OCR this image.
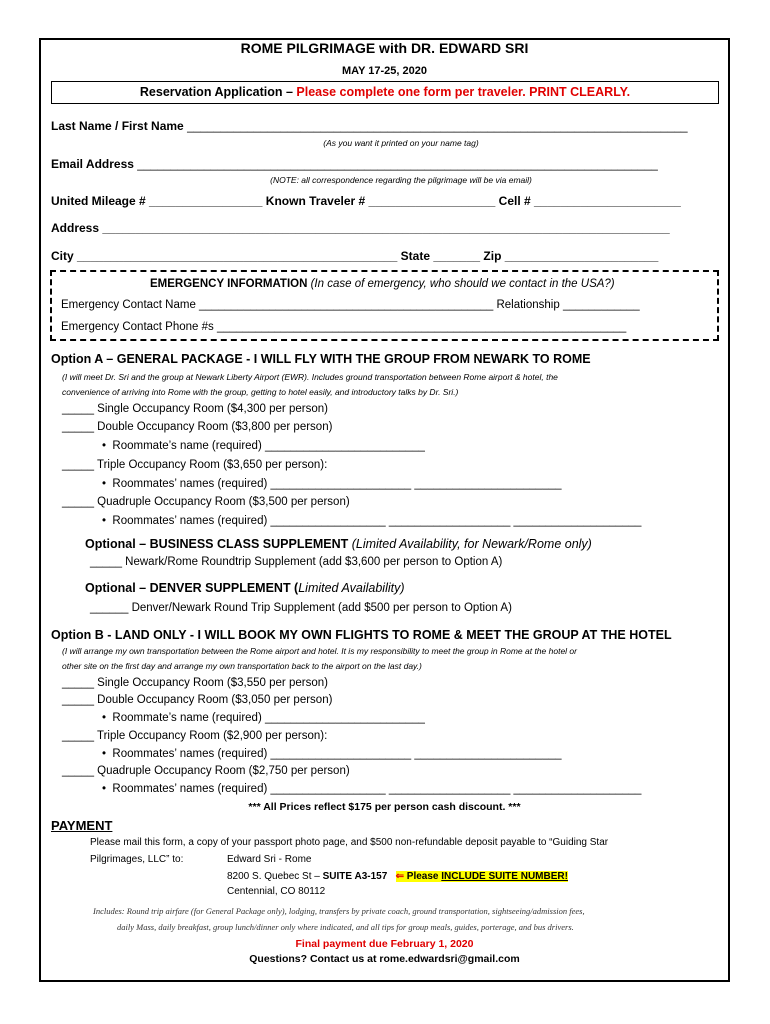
ROME PILGRIMAGE with DR. EDWARD SRI
MAY 17-25, 2020
Reservation Application – Please complete one form per traveler. PRINT CLEARLY.
Last Name / First Name ___________________________________________________________________________
(As you want it printed on your name tag)
Email Address ______________________________________________________________________________
(NOTE: all correspondence regarding the pilgrimage will be via email)
United Mileage # _________________ Known Traveler # ___________________ Cell # ______________________
Address _____________________________________________________________________________________
City ________________________________________________ State _______ Zip _______________________
EMERGENCY INFORMATION (In case of emergency, who should we contact in the USA?)
Emergency Contact Name ______________________________________________ Relationship ____________
Emergency Contact Phone #s ________________________________________________________________
Option A – GENERAL PACKAGE - I WILL FLY WITH THE GROUP FROM NEWARK TO ROME
(I will meet Dr. Sri and the group at Newark Liberty Airport (EWR). Includes ground transportation between Rome airport & hotel, the
convenience of arriving into Rome with the group, getting to hotel easily, and introductory talks by Dr. Sri.)
_____ Single Occupancy Room ($4,300 per person)
_____ Double Occupancy Room ($3,800 per person)
• Roommate’s name (required) _________________________
_____ Triple Occupancy Room ($3,650 per person):
• Roommates’ names (required) ______________________ _______________________
_____ Quadruple Occupancy Room ($3,500 per person)
• Roommates’ names (required) __________________ ___________________ ____________________
Optional – BUSINESS CLASS SUPPLEMENT (Limited Availability, for Newark/Rome only)
_____ Newark/Rome Roundtrip Supplement (add $3,600 per person to Option A)
Optional – DENVER SUPPLEMENT (Limited Availability)
______ Denver/Newark Round Trip Supplement (add $500 per person to Option A)
Option B - LAND ONLY - I WILL BOOK MY OWN FLIGHTS TO ROME & MEET THE GROUP AT THE HOTEL
(I will arrange my own transportation between the Rome airport and hotel. It is my responsibility to meet the group in Rome at the hotel or
other site on the first day and arrange my own transportation back to the airport on the last day.)
_____ Single Occupancy Room ($3,550 per person)
_____ Double Occupancy Room ($3,050 per person)
• Roommate’s name (required) _________________________
_____ Triple Occupancy Room ($2,900 per person):
• Roommates’ names (required) ______________________ _______________________
_____ Quadruple Occupancy Room ($2,750 per person)
• Roommates’ names (required) __________________ ___________________ ____________________
*** All Prices reflect $175 per person cash discount. ***
PAYMENT
Please mail this form, a copy of your passport photo page, and $500 non-refundable deposit payable to “Guiding Star
Pilgrimages, LLC” to:	Edward Sri - Rome
8200 S. Quebec St – SUITE A3-157 ⇐ Please INCLUDE SUITE NUMBER!
Centennial, CO 80112
Includes: Round trip airfare (for General Package only), lodging, transfers by private coach, ground transportation, sightseeing/admission fees,
daily Mass, daily breakfast, group lunch/dinner only where indicated, and all tips for group meals, guides, porterage, and bus drivers.
Final payment due February 1, 2020
Questions? Contact us at rome.edwardsri@gmail.com
